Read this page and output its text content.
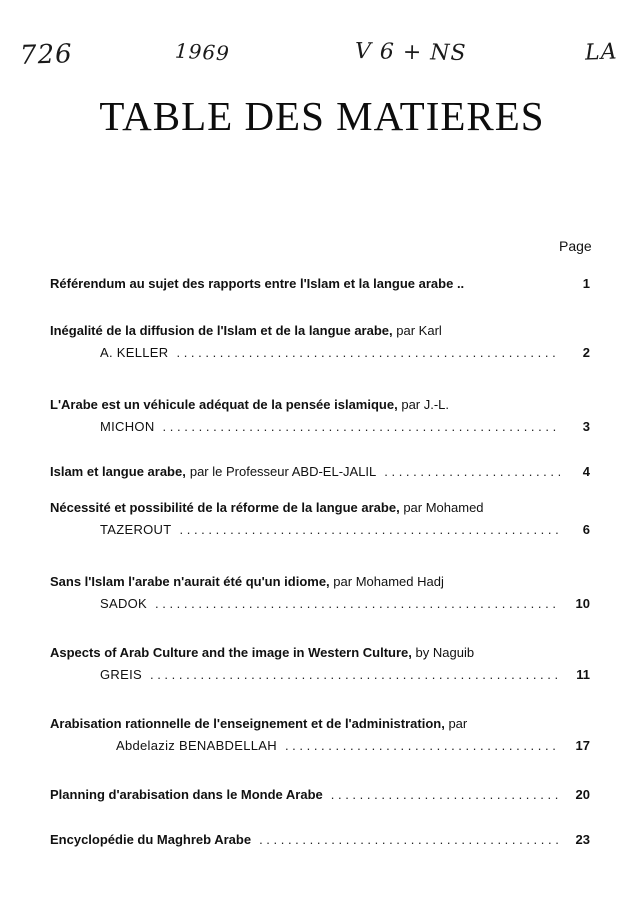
726	1969	V 6 + NS	LA
TABLE DES MATIERES
Page
Référendum au sujet des rapports entre l'Islam et la langue arabe ..	1
Inégalité de la diffusion de l'Islam et de la langue arabe, par Karl
A. KELLER . . .	2
L'Arabe est un véhicule adéquat de la pensée islamique, par J.-L.
MICHON . . .	3
Islam et langue arabe, par le Professeur ABD-EL-JALIL . . .	4
Nécessité et possibilité de la réforme de la langue arabe, par Mohamed
TAZEROUT . . .	6
Sans l'Islam l'arabe n'aurait été qu'un idiome, par Mohamed Hadj
SADOK . . .	10
Aspects of Arab Culture and the image in Western Culture, by Naguib
GREIS . . .	11
Arabisation rationnelle de l'enseignement et de l'administration, par
Abdelaziz BENABDELLAH . . .	17
Planning d'arabisation dans le Monde Arabe . . .	20
Encyclopédie du Maghreb Arabe . . .	23
